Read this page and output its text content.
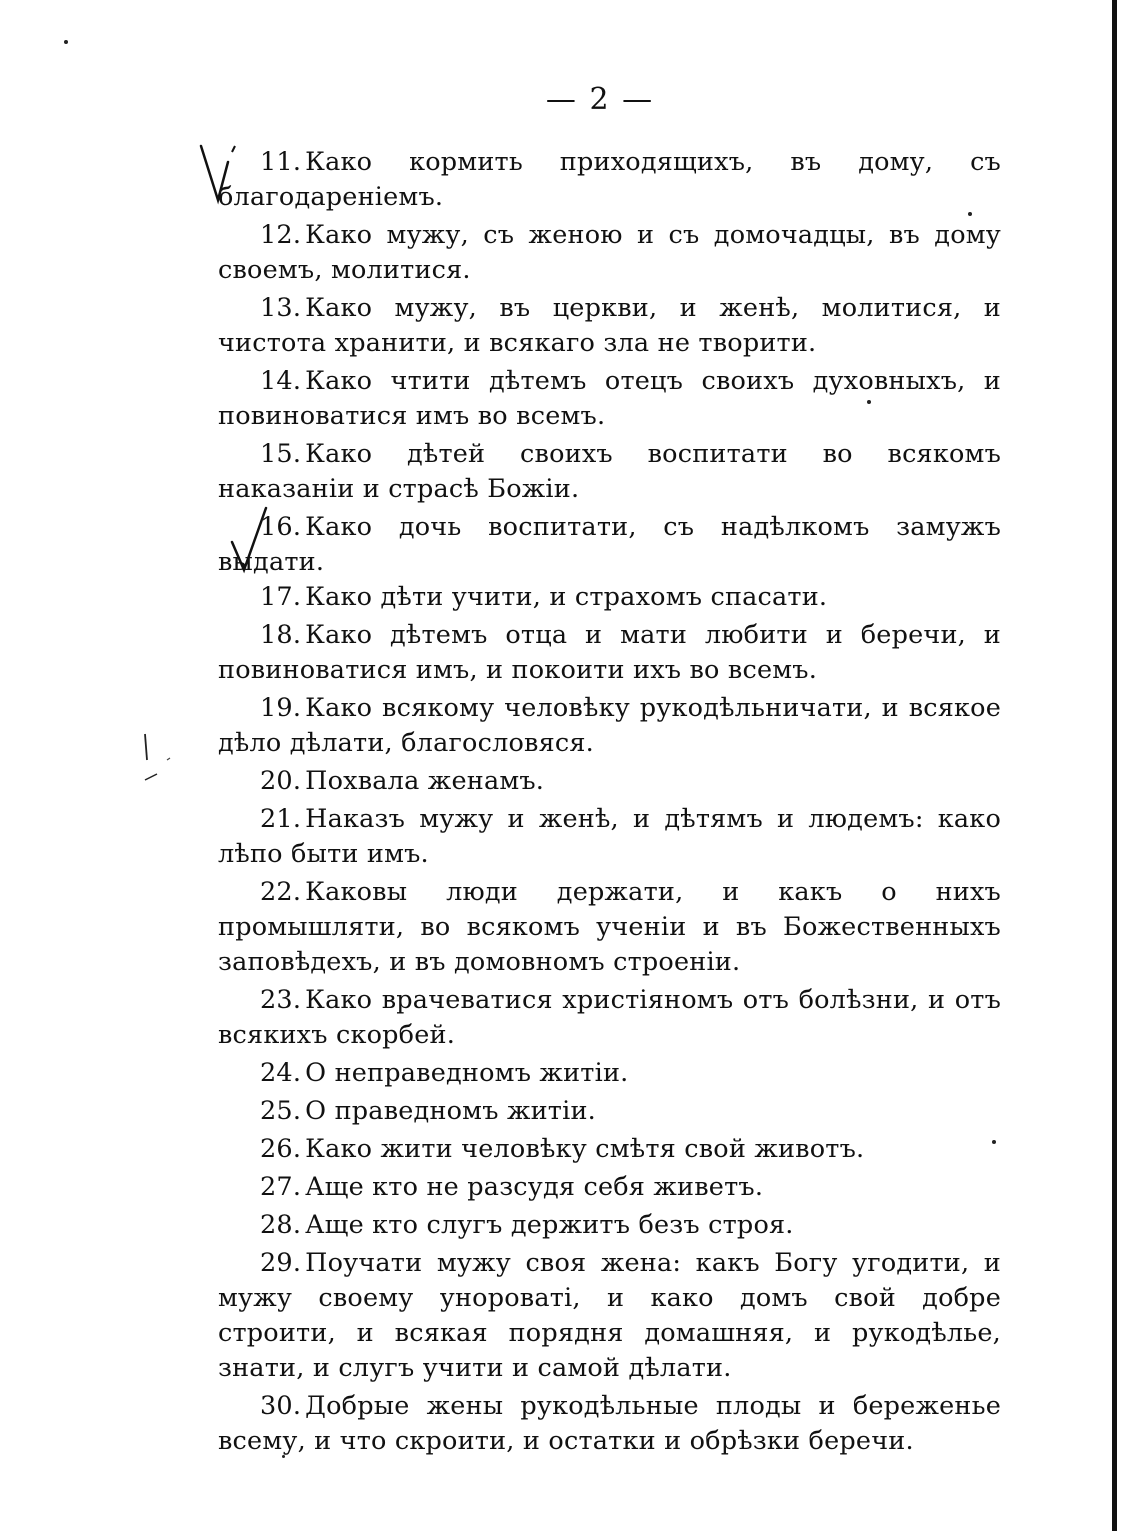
— 2 —

11. Како кормить приходящихъ, въ дому, съ благодаренiемъ.

12. Како мужу, съ женою и съ домочадцы, въ дому своемъ, молитися.

13. Како мужу, въ церкви, и женѣ, молитися, и чистота хранити, и всякаго зла не творити.

14. Како чтити дѣтемъ отецъ своихъ духовныхъ, и повиноватися имъ во всемъ.

15. Како дѣтей своихъ воспитати во всякомъ наказанiи и страсѣ Божiи.

16. Како дочь воспитати, съ надѣлкомъ замужъ выдати.

17. Како дѣти учити, и страхомъ спасати.

18. Како дѣтемъ отца и мати любити и беречи, и повиноватися имъ, и покоити ихъ во всемъ.

19. Како всякому человѣку рукодѣльничати, и всякое дѣло дѣлати, благословяся.

20. Похвала женамъ.

21. Наказъ мужу и женѣ, и дѣтямъ и людемъ: како лѣпо быти имъ.

22. Каковы люди держати, и какъ о нихъ промышляти, во всякомъ ученiи и въ Божественныхъ заповѣдехъ, и въ домовномъ строенiи.

23. Како врачеватися христiяномъ отъ болѣзни, и отъ всякихъ скорбей.

24. О неправедномъ житiи.

25. О праведномъ житiи.

26. Како жити человѣку смѣтя свой животъ.

27. Аще кто не разсудя себя живетъ.

28. Аще кто слугъ держитъ безъ строя.

29. Поучати мужу своя жена: какъ Богу угодити, и мужу своему унороватi, и како домъ свой добре строити, и всякая порядня домашняя, и рукодѣлье, знати, и слугъ учити и самой дѣлати.

30. Добрые жены рукодѣльные плоды и береженье всему, и что скроити, и остатки и обрѣзки беречи.
